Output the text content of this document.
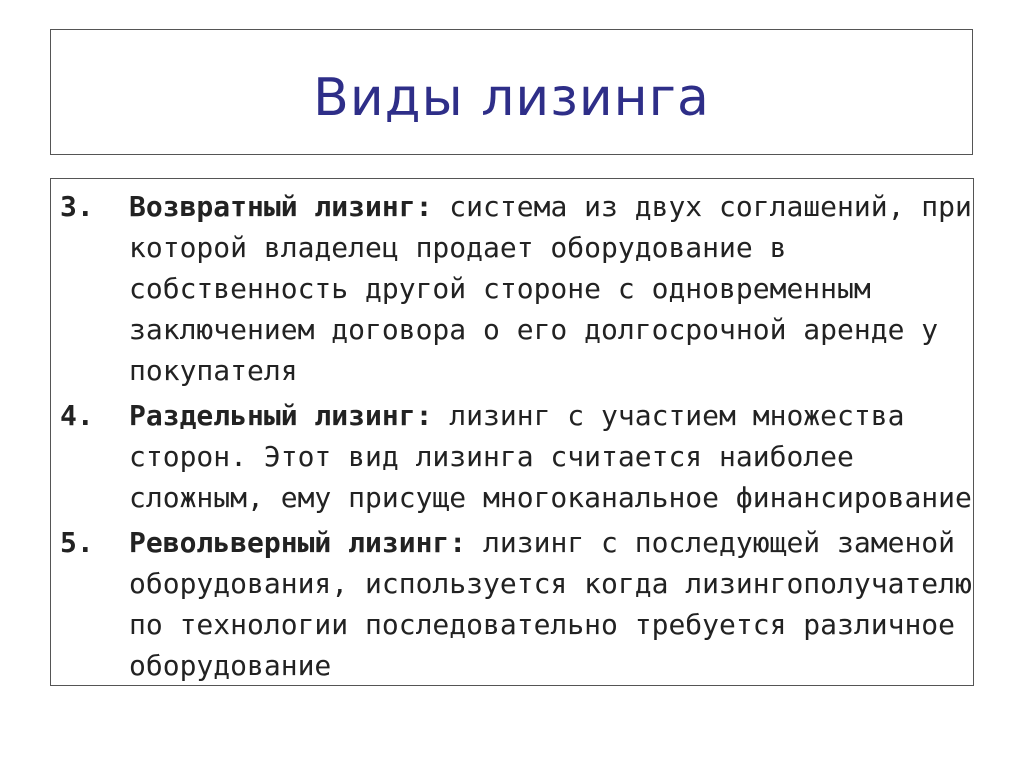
Виды лизинга
3. Возвратный лизинг: система из двух соглашений, при которой владелец продает оборудование в собственность другой стороне с одновременным заключением договора о его долгосрочной аренде у покупателя
4. Раздельный лизинг: лизинг с участием множества сторон. Этот вид лизинга считается наиболее сложным, ему присуще многоканальное финансирование
5. Револьверный лизинг: лизинг с последующей заменой оборудования, используется когда лизингополучателю по технологии последовательно требуется различное оборудование
